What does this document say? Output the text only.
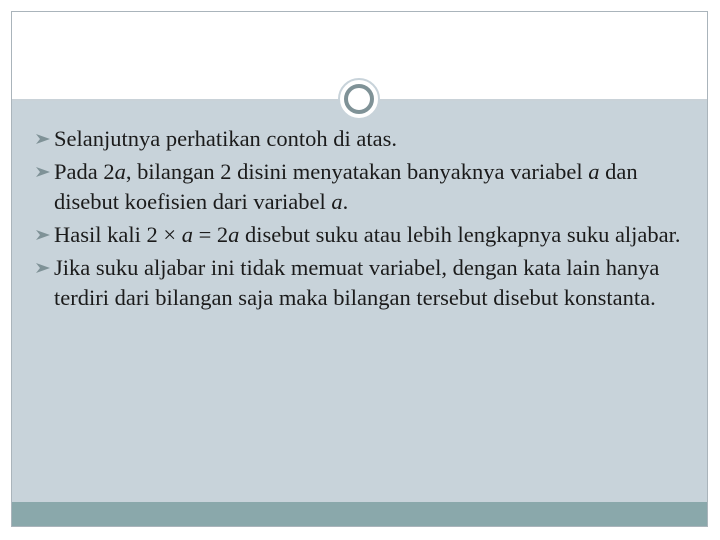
Selanjutnya perhatikan contoh di atas.
Pada 2a, bilangan 2 disini menyatakan banyaknya variabel a dan disebut koefisien dari variabel a.
Hasil kali 2 × a = 2a disebut suku atau lebih lengkapnya suku aljabar.
Jika suku aljabar ini tidak memuat variabel, dengan kata lain hanya terdiri dari bilangan saja maka bilangan tersebut disebut konstanta.
